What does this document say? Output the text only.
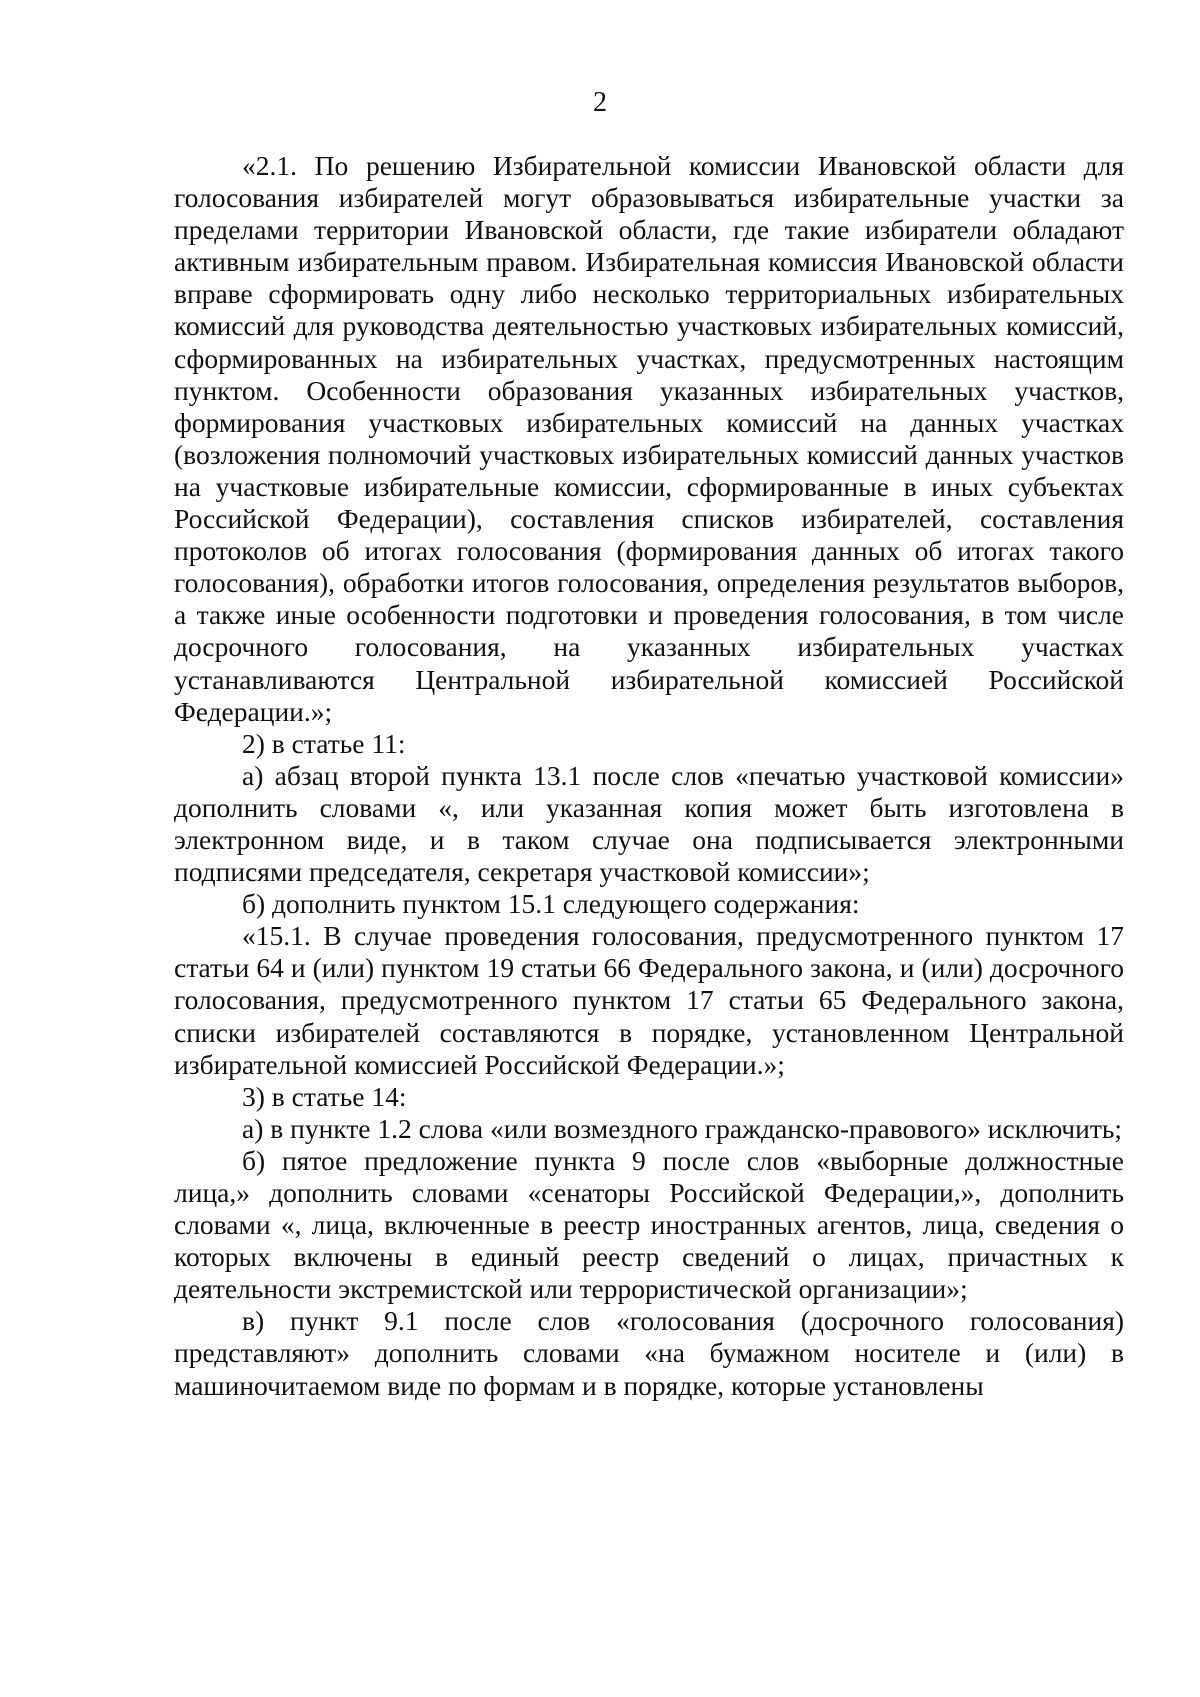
2

«2.1. По решению Избирательной комиссии Ивановской области для голосования избирателей могут образовываться избирательные участки за пределами территории Ивановской области, где такие избиратели обладают активным избирательным правом. Избирательная комиссия Ивановской области вправе сформировать одну либо несколько территориальных избирательных комиссий для руководства деятельностью участковых избирательных комиссий, сформированных на избирательных участках, предусмотренных настоящим пунктом. Особенности образования указанных избирательных участков, формирования участковых избирательных комиссий на данных участках (возложения полномочий участковых избирательных комиссий данных участков на участковые избирательные комиссии, сформированные в иных субъектах Российской Федерации), составления списков избирателей, составления протоколов об итогах голосования (формирования данных об итогах такого голосования), обработки итогов голосования, определения результатов выборов, а также иные особенности подготовки и проведения голосования, в том числе досрочного голосования, на указанных избирательных участках устанавливаются Центральной избирательной комиссией Российской Федерации.»;

2) в статье 11:

а) абзац второй пункта 13.1 после слов «печатью участковой комиссии» дополнить словами «, или указанная копия может быть изготовлена в электронном виде, и в таком случае она подписывается электронными подписями председателя, секретаря участковой комиссии»;

б) дополнить пунктом 15.1 следующего содержания:

«15.1. В случае проведения голосования, предусмотренного пунктом 17 статьи 64 и (или) пунктом 19 статьи 66 Федерального закона, и (или) досрочного голосования, предусмотренного пунктом 17 статьи 65 Федерального закона, списки избирателей составляются в порядке, установленном Центральной избирательной комиссией Российской Федерации.»;

3) в статье 14:

а) в пункте 1.2 слова «или возмездного гражданско-правового» исключить;

б) пятое предложение пункта 9 после слов «выборные должностные лица,» дополнить словами «сенаторы Российской Федерации,», дополнить словами «, лица, включенные в реестр иностранных агентов, лица, сведения о которых включены в единый реестр сведений о лицах, причастных к деятельности экстремистской или террористической организации»;

в) пункт 9.1 после слов «голосования (досрочного голосования) представляют» дополнить словами «на бумажном носителе и (или) в машиночитаемом виде по формам и в порядке, которые установлены
